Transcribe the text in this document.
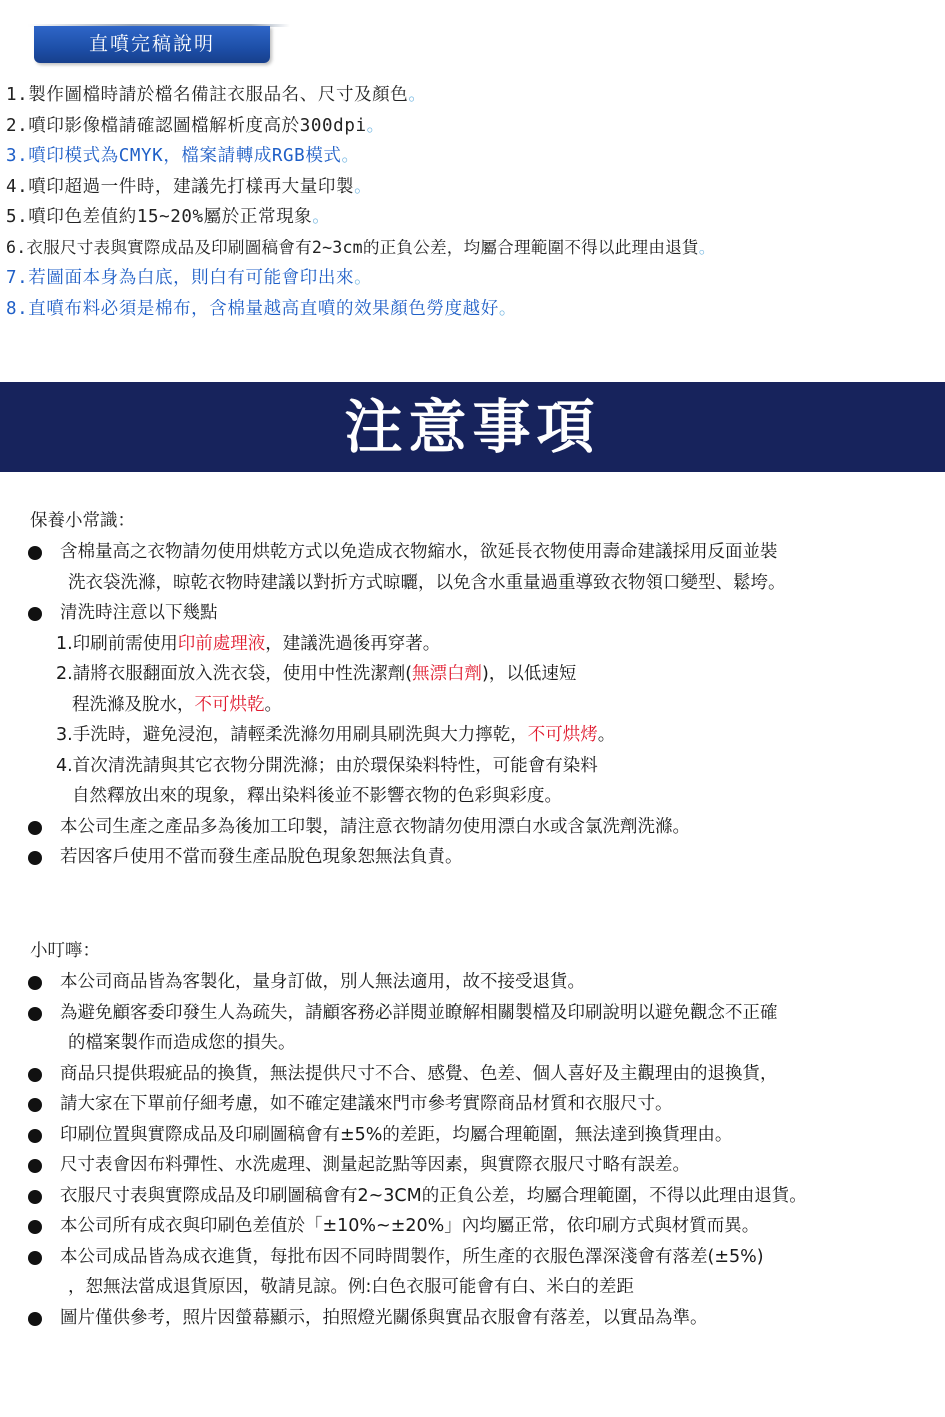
直噴完稿說明
1.製作圖檔時請於檔名備註衣服品名、尺寸及顏色。
2.噴印影像檔請確認圖檔解析度高於300dpi。
3.噴印模式為CMYK，檔案請轉成RGB模式。
4.噴印超過一件時，建議先打樣再大量印製。
5.噴印色差值約15~20%屬於正常現象。
6.衣服尺寸表與實際成品及印刷圖稿會有2~3cm的正負公差，均屬合理範圍不得以此理由退貨。
7.若圖面本身為白底，則白有可能會印出來。
8.直噴布料必須是棉布，含棉量越高直噴的效果顏色勞度越好。
注意事項
保養小常識：
含棉量高之衣物請勿使用烘乾方式以免造成衣物縮水，欲延長衣物使用壽命建議採用反面並裝
洗衣袋洗滌，晾乾衣物時建議以對折方式晾曬，以免含水重量過重導致衣物領口變型、鬆垮。
清洗時注意以下幾點
1.印刷前需使用印前處理液，建議洗過後再穿著。
2.請將衣服翻面放入洗衣袋，使用中性洗潔劑(無漂白劑)，以低速短
程洗滌及脫水，不可烘乾。
3.手洗時，避免浸泡，請輕柔洗滌勿用刷具刷洗與大力擰乾，不可烘烤。
4.首次清洗請與其它衣物分開洗滌；由於環保染料特性，可能會有染料
自然釋放出來的現象，釋出染料後並不影響衣物的色彩與彩度。
本公司生產之產品多為後加工印製，請注意衣物請勿使用漂白水或含氯洗劑洗滌。
若因客戶使用不當而發生產品脫色現象恕無法負責。
小叮嚀：
本公司商品皆為客製化，量身訂做，別人無法適用，故不接受退貨。
為避免顧客委印發生人為疏失，請顧客務必詳閱並瞭解相關製檔及印刷說明以避免觀念不正確
的檔案製作而造成您的損失。
商品只提供瑕疵品的換貨，無法提供尺寸不合、感覺、色差、個人喜好及主觀理由的退換貨，
請大家在下單前仔細考慮，如不確定建議來門市參考實際商品材質和衣服尺寸。
印刷位置與實際成品及印刷圖稿會有±5%的差距，均屬合理範圍，無法達到換貨理由。
尺寸表會因布料彈性、水洗處理、測量起訖點等因素，與實際衣服尺寸略有誤差。
衣服尺寸表與實際成品及印刷圖稿會有2~3CM的正負公差，均屬合理範圍，不得以此理由退貨。
本公司所有成衣與印刷色差值於「±10%~±20%」內均屬正常，依印刷方式與材質而異。
本公司成品皆為成衣進貨，每批布因不同時間製作，所生產的衣服色澤深淺會有落差(±5%)
，恕無法當成退貨原因，敬請見諒。例:白色衣服可能會有白、米白的差距
圖片僅供參考，照片因螢幕顯示，拍照燈光關係與實品衣服會有落差，以實品為準。
